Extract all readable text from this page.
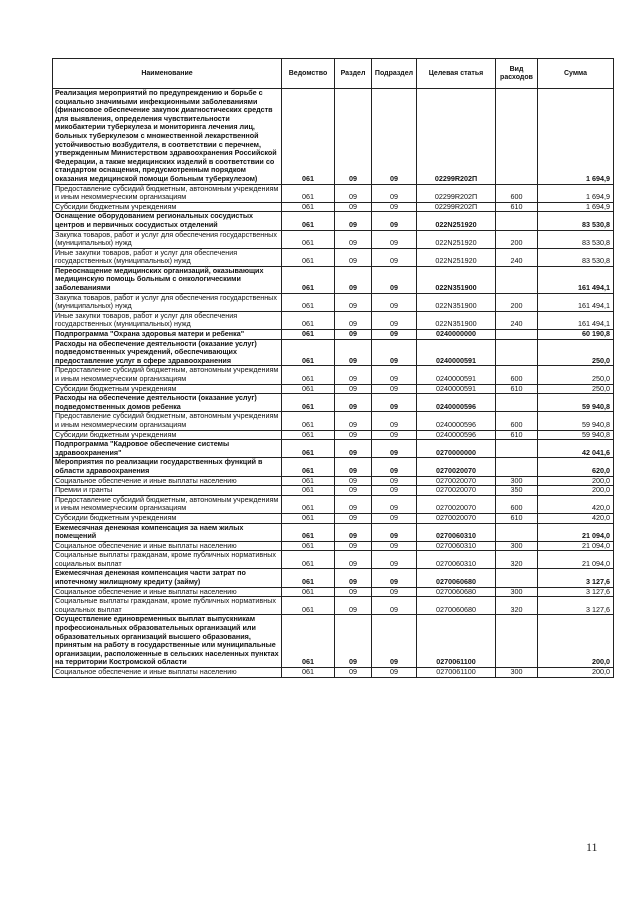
Наименование	Ведомство	Раздел	Подраздел	Целевая статья	Вид расходов	Сумма
Реализация мероприятий по предупреждению и борьбе с социально значимыми инфекционными заболеваниями (финансовое обеспечение закупок диагностических средств для выявления, определения чувствительности микобактерии туберкулеза и мониторинга лечения лиц, больных туберкулезом с множественной лекарственной устойчивостью возбудителя, в соответствии с перечнем, утвержденным Министерством здравоохранения Российской Федерации, а также медицинских изделий в соответствии со стандартом оснащения, предусмотренным порядком оказания медицинской помощи больным туберкулезом)	061	09	09	02299R202П		1 694,9
Предоставление субсидий бюджетным, автономным учреждениям и иным некоммерческим организациям	061	09	09	02299R202П	600	1 694,9
Субсидии бюджетным учреждениям	061	09	09	02299R202П	610	1 694,9
Оснащение оборудованием региональных сосудистых центров и первичных сосудистых отделений	061	09	09	022N251920		83 530,8
Закупка товаров, работ и услуг для обеспечения государственных (муниципальных) нужд	061	09	09	022N251920	200	83 530,8
Иные закупки товаров, работ и услуг для обеспечения государственных (муниципальных) нужд	061	09	09	022N251920	240	83 530,8
Переоснащение медицинских организаций, оказывающих медицинскую помощь больным с онкологическими заболеваниями	061	09	09	022N351900		161 494,1
Закупка товаров, работ и услуг для обеспечения государственных (муниципальных) нужд	061	09	09	022N351900	200	161 494,1
Иные закупки товаров, работ и услуг для обеспечения государственных (муниципальных) нужд	061	09	09	022N351900	240	161 494,1
Подпрограмма "Охрана здоровья матери и ребенка"	061	09	09	0240000000		60 190,8
Расходы на обеспечение деятельности (оказание услуг) подведомственных учреждений, обеспечивающих предоставление услуг в сфере здравоохранения	061	09	09	0240000591		250,0
Предоставление субсидий бюджетным, автономным учреждениям и иным некоммерческим организациям	061	09	09	0240000591	600	250,0
Субсидии бюджетным учреждениям	061	09	09	0240000591	610	250,0
Расходы на обеспечение деятельности (оказание услуг) подведомственных домов ребенка	061	09	09	0240000596		59 940,8
Предоставление субсидий бюджетным, автономным учреждениям и иным некоммерческим организациям	061	09	09	0240000596	600	59 940,8
Субсидии бюджетным учреждениям	061	09	09	0240000596	610	59 940,8
Подпрограмма "Кадровое обеспечение системы здравоохранения"	061	09	09	0270000000		42 041,6
Мероприятия по реализации государственных функций в области здравоохранения	061	09	09	0270020070		620,0
Социальное обеспечение и иные выплаты населению	061	09	09	0270020070	300	200,0
Премии и гранты	061	09	09	0270020070	350	200,0
Предоставление субсидий бюджетным, автономным учреждениям и иным некоммерческим организациям	061	09	09	0270020070	600	420,0
Субсидии бюджетным учреждениям	061	09	09	0270020070	610	420,0
Ежемесячная денежная компенсация за наем жилых помещений	061	09	09	0270060310		21 094,0
Социальное обеспечение и иные выплаты населению	061	09	09	0270060310	300	21 094,0
Социальные выплаты гражданам, кроме публичных нормативных социальных выплат	061	09	09	0270060310	320	21 094,0
Ежемесячная денежная компенсация части затрат по ипотечному жилищному кредиту (займу)	061	09	09	0270060680		3 127,6
Социальное обеспечение и иные выплаты населению	061	09	09	0270060680	300	3 127,6
Социальные выплаты гражданам, кроме публичных нормативных социальных выплат	061	09	09	0270060680	320	3 127,6
Осуществление единовременных выплат выпускникам профессиональных образовательных организаций или образовательных организаций высшего образования, принятым на работу в государственные или муниципальные организации, расположенные в сельских населенных пунктах на территории Костромской области	061	09	09	0270061100		200,0
Социальное обеспечение и иные выплаты населению	061	09	09	0270061100	300	200,0
11
